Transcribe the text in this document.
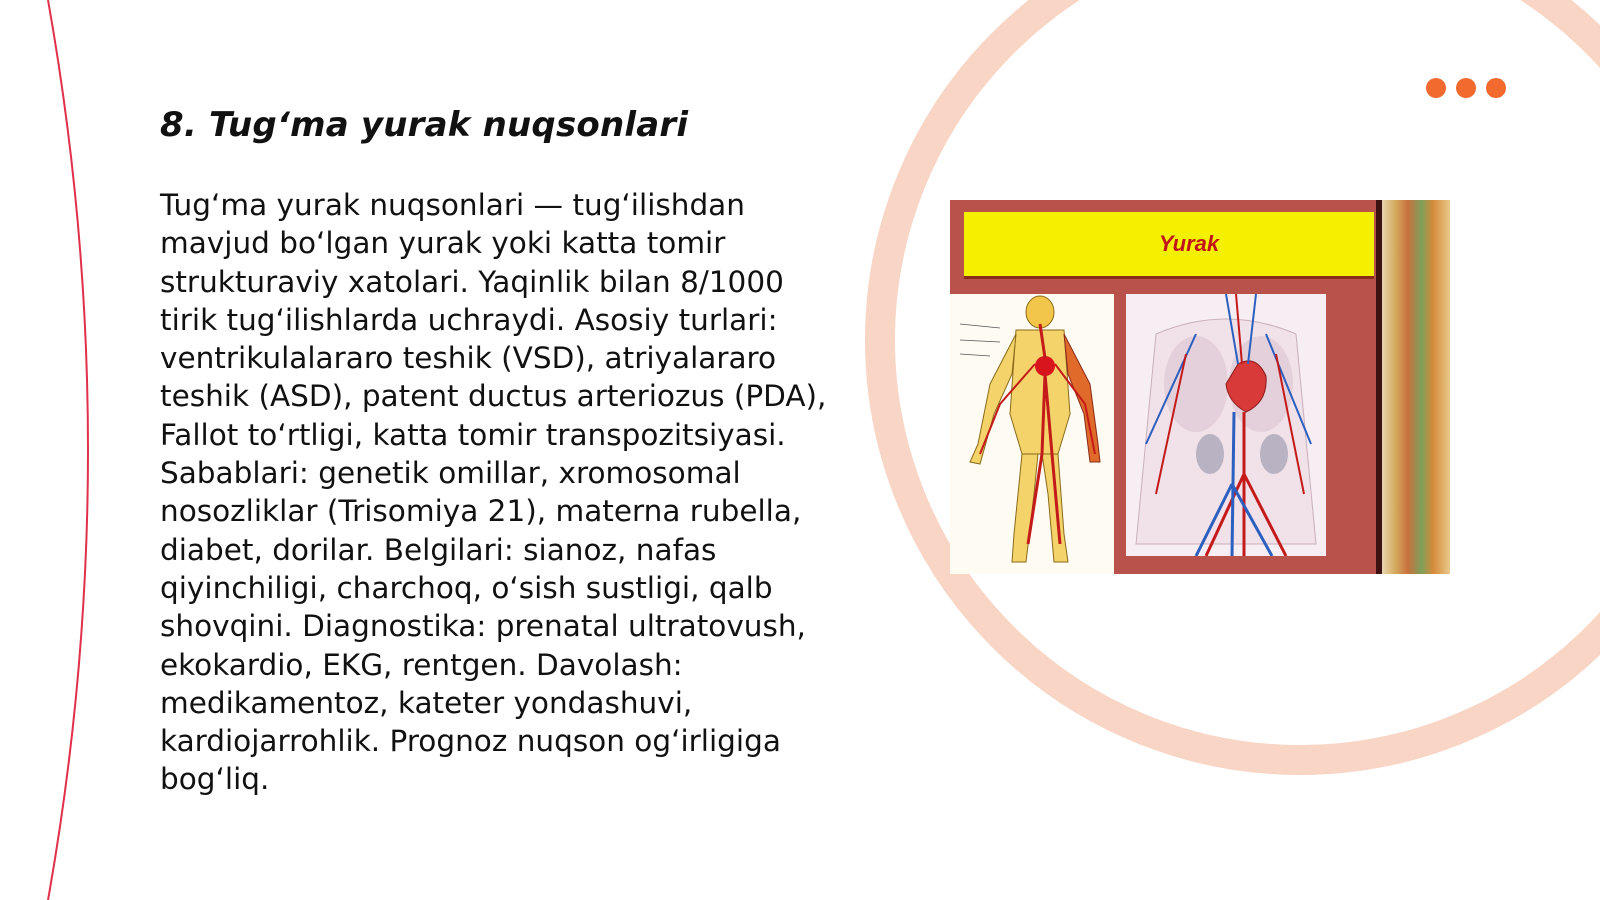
8. Tugʻma yurak nuqsonlari

Tugʻma yurak nuqsonlari — tugʻilishdan mavjud boʻlgan yurak yoki katta tomir strukturaviy xatolari. Yaqinlik bilan 8/1000 tirik tugʻilishlarda uchraydi. Asosiy turlari: ventrikulalararo teshik (VSD), atriyalararo teshik (ASD), patent ductus arteriozus (PDA), Fallot toʻrtligi, katta tomir transpozitsiyasi. Sabablari: genetik omillar, xromosomal nosozliklar (Trisomiya 21), materna rubella, diabet, dorilar. Belgilari: sianoz, nafas qiyinchiligi, charchoq, oʻsish sustligi, qalb shovqini. Diagnostika: prenatal ultratovush, ekokardio, EKG, rentgen. Davolash: medikamentoz, kateter yondashuvi, kardiojarrohlik. Prognoz nuqson ogʻirligiga bogʻliq.

Yurak
